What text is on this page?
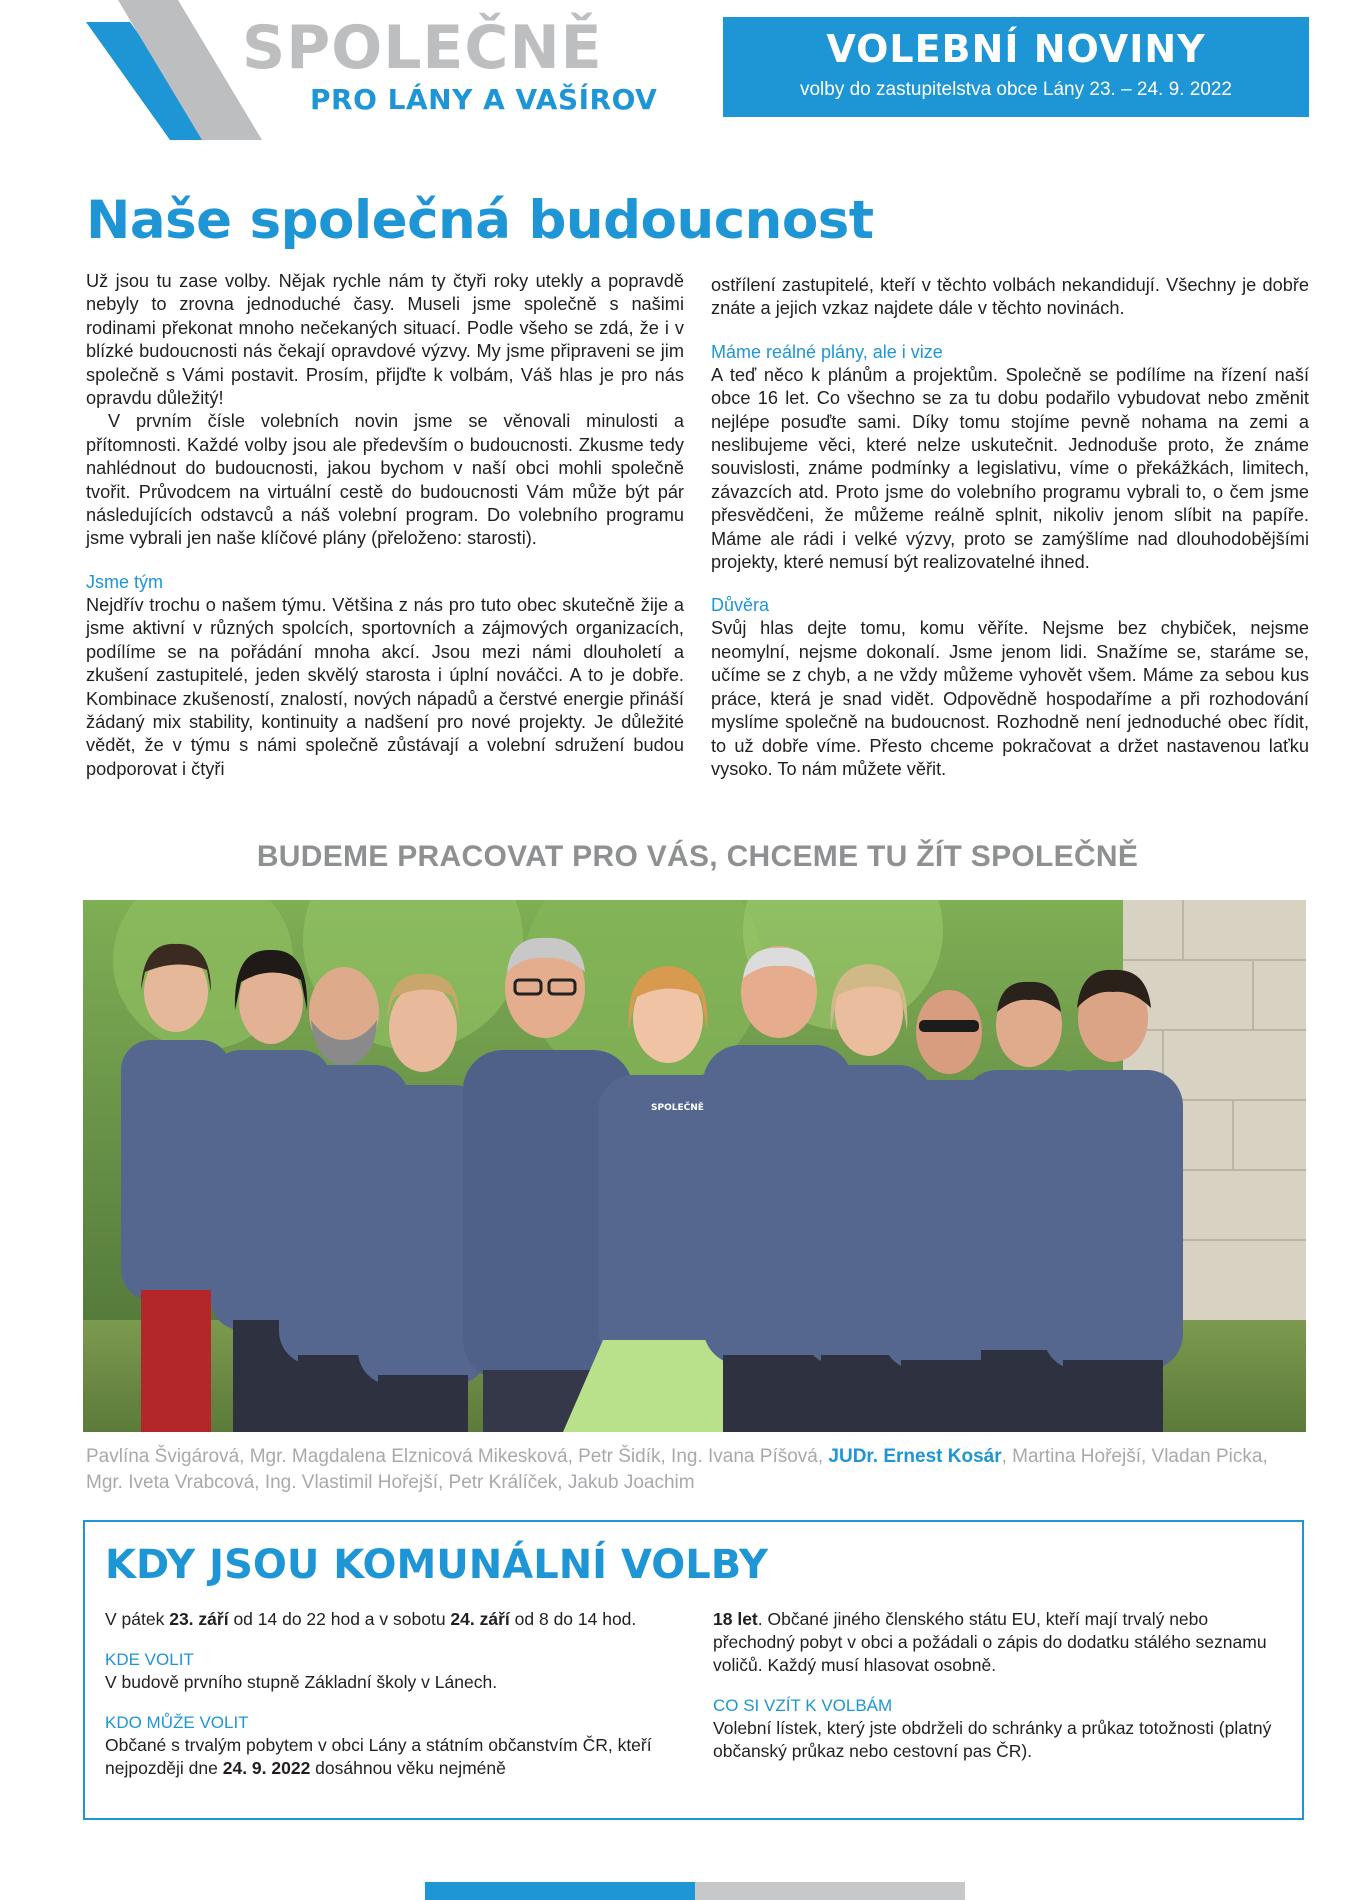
SPOLEČNĚ
PRO LÁNY A VAŠÍROV
VOLEBNÍ NOVINY
volby do zastupitelstva obce Lány 23. – 24. 9. 2022
Naše společná budoucnost

Už jsou tu zase volby. Nějak rychle nám ty čtyři roky utekly a popravdě nebyly to zrovna jednoduché časy. Museli jsme společně s našimi rodinami překonat mnoho nečekaných situací. Podle všeho se zdá, že i v blízké budoucnosti nás čekají opravdové výzvy. My jsme připraveni se jim společně s Vámi postavit. Prosím, přijďte k volbám, Váš hlas je pro nás opravdu důležitý!

V prvním čísle volebních novin jsme se věnovali minulosti a přítomnosti. Každé volby jsou ale především o budoucnosti. Zkusme tedy nahlédnout do budoucnosti, jakou bychom v naší obci mohli společně tvořit. Průvodcem na virtuální cestě do budoucnosti Vám může být pár následujících odstavců a náš volební program. Do volebního programu jsme vybrali jen naše klíčové plány (přeloženo: starosti).

Jsme tým

Nejdřív trochu o našem týmu. Většina z nás pro tuto obec skutečně žije a jsme aktivní v různých spolcích, sportovních a zájmových organizacích, podílíme se na pořádání mnoha akcí. Jsou mezi námi dlouholetí a zkušení zastupitelé, jeden skvělý starosta i úplní nováčci. A to je dobře. Kombinace zkušeností, znalostí, nových nápadů a čerstvé energie přináší žádaný mix stability, kontinuity a nadšení pro nové projekty. Je důležité vědět, že v týmu s námi společně zůstávají a volební sdružení budou podporovat i čtyři

ostřílení zastupitelé, kteří v těchto volbách nekandidují. Všechny je dobře znáte a jejich vzkaz najdete dále v těchto novinách.

Máme reálné plány, ale i vize

A teď něco k plánům a projektům. Společně se podílíme na řízení naší obce 16 let. Co všechno se za tu dobu podařilo vybudovat nebo změnit nejlépe posuďte sami. Díky tomu stojíme pevně nohama na zemi a neslibujeme věci, které nelze uskutečnit. Jednoduše proto, že známe souvislosti, známe podmínky a legislativu, víme o překážkách, limitech, závazcích atd. Proto jsme do volebního programu vybrali to, o čem jsme přesvědčeni, že můžeme reálně splnit, nikoliv jenom slíbit na papíře. Máme ale rádi i velké výzvy, proto se zamýšlíme nad dlouhodobějšími projekty, které nemusí být realizovatelné ihned.

Důvěra

Svůj hlas dejte tomu, komu věříte. Nejsme bez chybiček, nejsme neomylní, nejsme dokonalí. Jsme jenom lidi. Snažíme se, staráme se, učíme se z chyb, a ne vždy můžeme vyhovět všem. Máme za sebou kus práce, která je snad vidět. Odpovědně hospodaříme a při rozhodování myslíme společně na budoucnost. Rozhodně není jednoduché obec řídit, to už dobře víme. Přesto chceme pokračovat a držet nastavenou laťku vysoko. To nám můžete věřit.

BUDEME PRACOVAT PRO VÁS, CHCEME TU ŽÍT SPOLEČNĚ
SPOLEČNĚ
Pavlína Švigárová, Mgr. Magdalena Elznicová Mikesková, Petr Šidík, Ing. Ivana Píšová, JUDr. Ernest Kosár, Martina Hořejší, Vladan Picka, Mgr. Iveta Vrabcová, Ing. Vlastimil Hořejší, Petr Králíček, Jakub Joachim
KDY JSOU KOMUNÁLNÍ VOLBY

V pátek 23. září od 14 do 22 hod a v sobotu 24. září od 8 do 14 hod.

KDE VOLIT

V budově prvního stupně Základní školy v Lánech.

KDO MŮŽE VOLIT

Občané s trvalým pobytem v obci Lány a státním občanstvím ČR, kteří nejpozději dne 24. 9. 2022 dosáhnou věku nejméně

18 let. Občané jiného členského státu EU, kteří mají trvalý nebo přechodný pobyt v obci a požádali o zápis do dodatku stálého seznamu voličů. Každý musí hlasovat osobně.

CO SI VZÍT K VOLBÁM

Volební lístek, který jste obdrželi do schránky a průkaz totožnosti (platný občanský průkaz nebo cestovní pas ČR).
